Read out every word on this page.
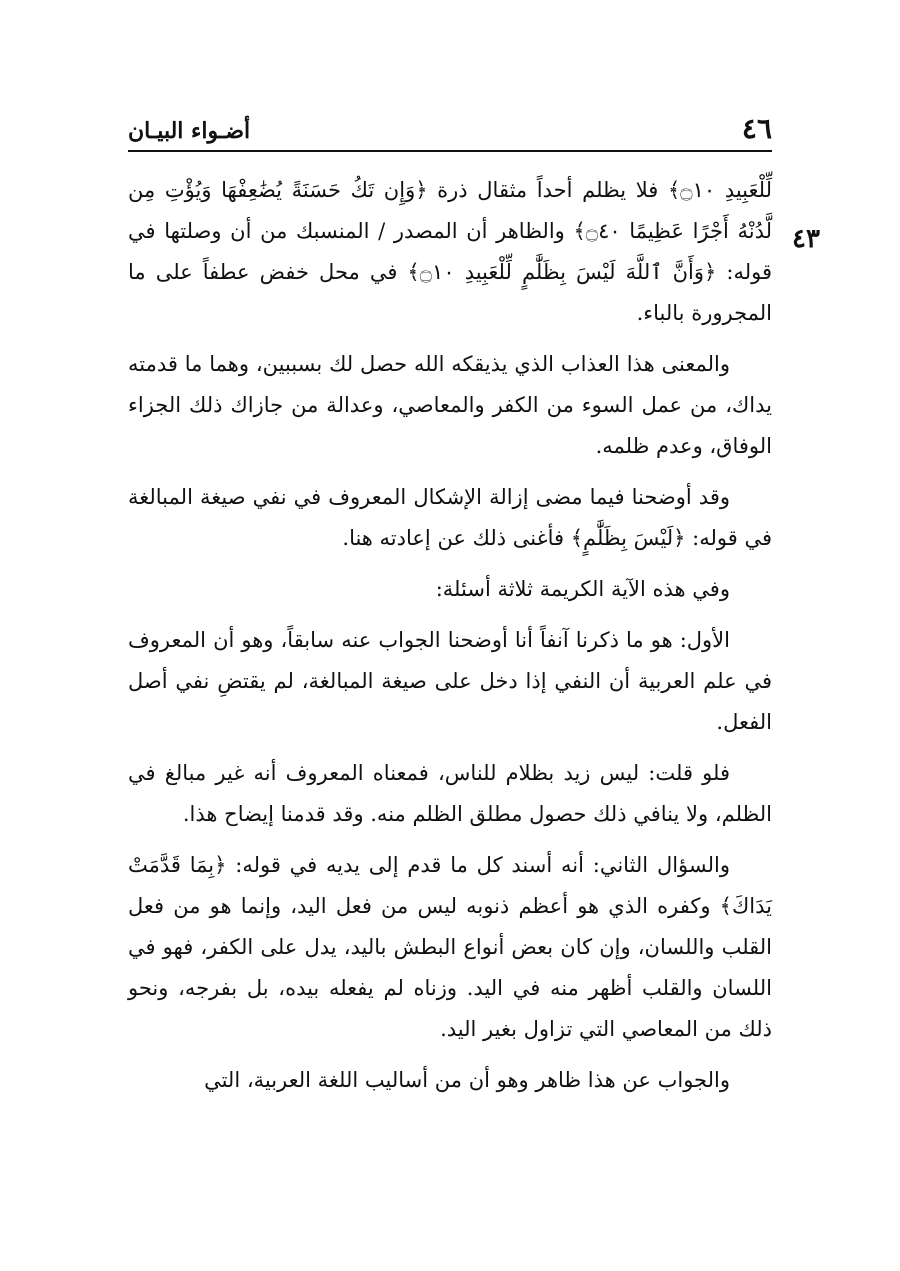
٤٦
أضـواء البيـان
٤٣

لِّلْعَبِيدِ ۝١٠﴾ فلا يظلم أحداً مثقال ذرة ﴿وَإِن تَكُ حَسَنَةً يُضَٰعِفْهَا وَيُؤْتِ مِن لَّدُنْهُ أَجْرًا عَظِيمًا ۝٤٠﴾ والظاهر أن المصدر / المنسبك من أن وصلتها في قوله: ﴿وَأَنَّ ٱللَّهَ لَيْسَ بِظَلَّٰمٍ لِّلْعَبِيدِ ۝١٠﴾ في محل خفض عطفاً على ما المجرورة بالباء.

والمعنى هذا العذاب الذي يذيقكه الله حصل لك بسببين، وهما ما قدمته يداك، من عمل السوء من الكفر والمعاصي، وعدالة من جازاك ذلك الجزاء الوفاق، وعدم ظلمه.

وقد أوضحنا فيما مضى إزالة الإشكال المعروف في نفي صيغة المبالغة في قوله: ﴿لَيْسَ بِظَلَّٰمٍ﴾ فأغنى ذلك عن إعادته هنا.

وفي هذه الآية الكريمة ثلاثة أسئلة:

الأول: هو ما ذكرنا آنفاً أنا أوضحنا الجواب عنه سابقاً، وهو أن المعروف في علم العربية أن النفي إذا دخل على صيغة المبالغة، لم يقتضِ نفي أصل الفعل.

فلو قلت: ليس زيد بظلام للناس، فمعناه المعروف أنه غير مبالغ في الظلم، ولا ينافي ذلك حصول مطلق الظلم منه. وقد قدمنا إيضاح هذا.

والسؤال الثاني: أنه أسند كل ما قدم إلى يديه في قوله: ﴿بِمَا قَدَّمَتْ يَدَاكَ﴾ وكفره الذي هو أعظم ذنوبه ليس من فعل اليد، وإنما هو من فعل القلب واللسان، وإن كان بعض أنواع البطش باليد، يدل على الكفر، فهو في اللسان والقلب أظهر منه في اليد. وزناه لم يفعله بيده، بل بفرجه، ونحو ذلك من المعاصي التي تزاول بغير اليد.

والجواب عن هذا ظاهر وهو أن من أساليب اللغة العربية، التي
